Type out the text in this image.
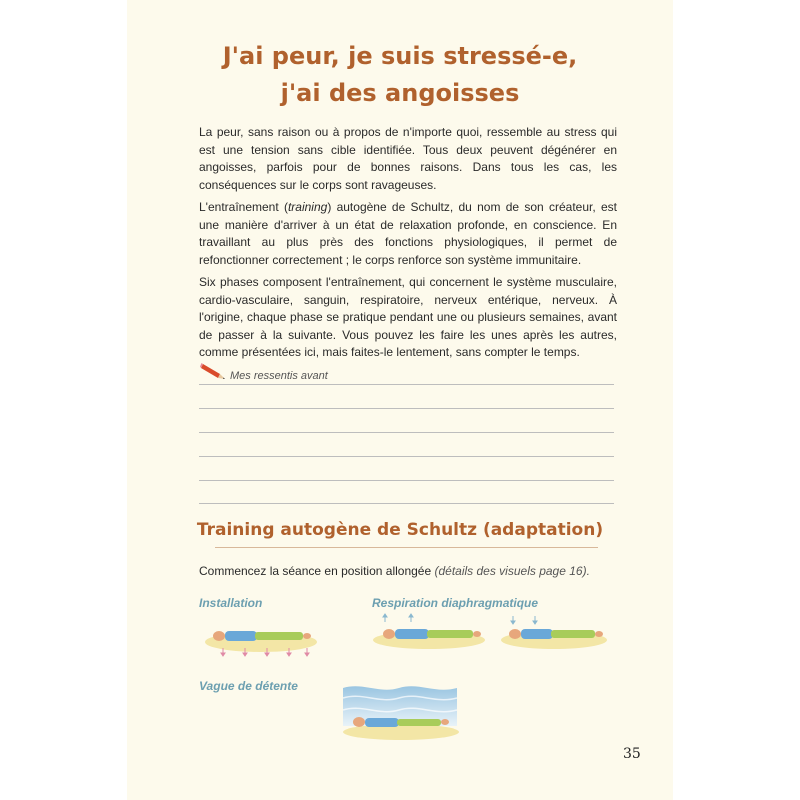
J'ai peur, je suis stressé-e,
j'ai des angoisses

La peur, sans raison ou à propos de n'importe quoi, ressemble au stress qui est une tension sans cible identifiée. Tous deux peuvent dégénérer en angoisses, parfois pour de bonnes raisons. Dans tous les cas, les conséquences sur le corps sont ravageuses.

L'entraînement (training) autogène de Schultz, du nom de son créateur, est une manière d'arriver à un état de relaxation profonde, en conscience. En travaillant au plus près des fonctions physiologiques, il permet de refonctionner correctement ; le corps renforce son système immunitaire.

Six phases composent l'entraînement, qui concernent le système musculaire, cardio-vasculaire, sanguin, respiratoire, nerveux entérique, nerveux. À l'origine, chaque phase se pratique pendant une ou plusieurs semaines, avant de passer à la suivante. Vous pouvez les faire les unes après les autres, comme présentées ici, mais faites-le lentement, sans compter le temps.

Mes ressentis avant
Training autogène de Schultz (adaptation)
Commencez la séance en position allongée (détails des visuels page 16).
Installation	Respiration diaphragmatique
Vague de détente
35
